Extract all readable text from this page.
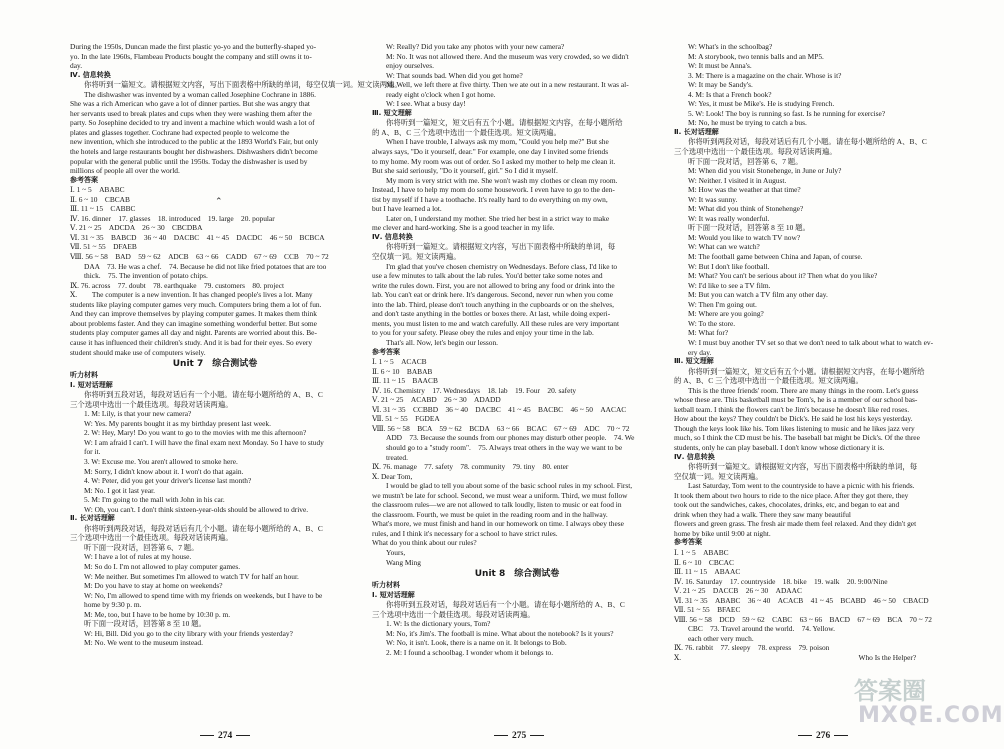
During the 1950s, Duncan made the first plastic yo-yo and the butterfly-shaped yo-

yo. In the late 1960s, Flambeau Products bought the company and still owns it to-

day.

Ⅳ. 信息转换

你将听到一篇短文。请根据短文内容，写出下面表格中所缺的单词，每空仅填一词。短文读两遍。

The dishwasher was invented by a woman called Josephine Cochrane in 1886.

She was a rich American who gave a lot of dinner parties. But she was angry that

her servants used to break plates and cups when they were washing them after the

party. So Josephine decided to try and invent a machine which would wash a lot of

plates and glasses together. Cochrane had expected people to welcome the

new invention, which she introduced to the public at the 1893 World's Fair, but only

the hotels and large restaurants bought her dishwashers. Dishwashers didn't become

popular with the general public until the 1950s. Today the dishwasher is used by

millions of people all over the world.

参考答案

Ⅰ. 1 ~ 5　ABABC

Ⅱ. 6 ~ 10　CBCAB

Ⅲ. 11 ~ 15　CABBC

Ⅳ. 16. dinner　17. glasses　18. introduced　19. large　20. popular

Ⅴ. 21 ~ 25　ADCDA　26 ~ 30　CBCDBA

Ⅵ. 31 ~ 35　BABCD　36 ~ 40　DACBC　41 ~ 45　DACDC　46 ~ 50　BCBCA

Ⅶ. 51 ~ 55　DFAEB

Ⅷ. 56 ~ 58　BAD　59 ~ 62　ADCB　63 ~ 66　CADD　67 ~ 69　CCB　70 ~ 72

DAA　73. He was a chef.　74. Because he did not like fried potatoes that are too

thick.　75. The invention of potato chips.

Ⅸ. 76. across　77. doubt　78. earthquake　79. customers　80. project

Ⅹ.　　The computer is a new invention. It has changed people's lives a lot. Many

students like playing computer games very much. Computers bring them a lot of fun.

And they can improve themselves by playing computer games. It makes them think

about problems faster. And they can imagine something wonderful better. But some

students play computer games all day and night. Parents are worried about this. Be-

cause it has influenced their children's study. And it is bad for their eyes. So every

student should make use of computers wisely.

Unit 7　综合测试卷

听力材料

Ⅰ. 短对话理解

你将听到五段对话，每段对话后有一个小题。请在每小题所给的 A、B、C

三个选项中选出一个最佳选项。每段对话读两遍。

1. M: Lily, is that your new camera?

W: Yes. My parents bought it as my birthday present last week.

2. W: Hey, Mary! Do you want to go to the movies with me this afternoon?

W: I am afraid I can't. I will have the final exam next Monday. So I have to study

for it.

3. W: Excuse me. You aren't allowed to smoke here.

M: Sorry, I didn't know about it. I won't do that again.

4. W: Peter, did you get your driver's license last month?

M: No. I got it last year.

5. M: I'm going to the mall with John in his car.

W: Oh, you can't. I don't think sixteen-year-olds should be allowed to drive.

Ⅱ. 长对话理解

你将听到两段对话，每段对话后有几个小题。请在每小题所给的 A、B、C

三个选项中选出一个最佳选项。每段对话读两遍。

听下面一段对话，回答第 6、7 题。

W: I have a lot of rules at my house.

M: So do I. I'm not allowed to play computer games.

W: Me neither. But sometimes I'm allowed to watch TV for half an hour.

M: Do you have to stay at home on weekends?

W: No, I'm allowed to spend time with my friends on weekends, but I have to be

home by 9:30 p. m.

M: Me, too, but I have to be home by 10:30 p. m.

听下面一段对话，回答第 8 至 10 题。

W: Hi, Bill. Did you go to the city library with your friends yesterday?

M: No. We went to the museum instead.

W: Really? Did you take any photos with your new camera?

M: No. It was not allowed there. And the museum was very crowded, so we didn't

enjoy ourselves.

W: That sounds bad. When did you get home?

M: Well, we left there at five thirty. Then we ate out in a new restaurant. It was al-

ready eight o'clock when I got home.

W: I see. What a busy day!

Ⅲ. 短文理解

你将听到一篇短文，短文后有五个小题。请根据短文内容，在每小题所给

的 A、B、C 三个选项中选出一个最佳选项。短文读两遍。

When I have trouble, I always ask my mom, "Could you help me?" But she

always says, "Do it yourself, dear." For example, one day I invited some friends

to my home. My room was out of order. So I asked my mother to help me clean it.

But she said seriously, "Do it yourself, girl." So I did it myself.

My mom is very strict with me. She won't wash my clothes or clean my room.

Instead, I have to help my mom do some housework. I even have to go to the den-

tist by myself if I have a toothache. It's really hard to do everything on my own,

but I have learned a lot.

Later on, I understand my mother. She tried her best in a strict way to make

me clever and hard-working. She is a good teacher in my life.

Ⅳ. 信息转换

你将听到一篇短文。请根据短文内容，写出下面表格中所缺的单词，每

空仅填一词。短文读两遍。

I'm glad that you've chosen chemistry on Wednesdays. Before class, I'd like to

use a few minutes to talk about the lab rules. You'd better take some notes and

write the rules down. First, you are not allowed to bring any food or drink into the

lab. You can't eat or drink here. It's dangerous. Second, never run when you come

into the lab. Third, please don't touch anything in the cupboards or on the shelves,

and don't taste anything in the bottles or boxes there. At last, while doing experi-

ments, you must listen to me and watch carefully. All these rules are very important

to you for your safety. Please obey the rules and enjoy your time in the lab.

That's all. Now, let's begin our lesson.

参考答案

Ⅰ. 1 ~ 5　ACACB

Ⅱ. 6 ~ 10　BABAB

Ⅲ. 11 ~ 15　BAACB

Ⅳ. 16. Chemistry　17. Wednesdays　18. lab　19. Four　20. safety

Ⅴ. 21 ~ 25　ACABD　26 ~ 30　ADADD

Ⅵ. 31 ~ 35　CCBBD　36 ~ 40　DACBC　41 ~ 45　BACBC　46 ~ 50　AACAC

Ⅶ. 51 ~ 55　FGDEA

Ⅷ. 56 ~ 58　BCA　59 ~ 62　BCDA　63 ~ 66　BCAC　67 ~ 69　ADC　70 ~ 72

ADD　73. Because the sounds from our phones may disturb other people.　74. We

should go to a "study room".　75. Always treat others in the way we want to be

treated.

Ⅸ. 76. manage　77. safety　78. community　79. tiny　80. enter

Ⅹ. Dear Tom,

I would be glad to tell you about some of the basic school rules in my school. First,

we mustn't be late for school. Second, we must wear a uniform. Third, we must follow

the classroom rules—we are not allowed to talk loudly, listen to music or eat food in

the classroom. Fourth, we must be quiet in the reading room and in the hallway.

What's more, we must finish and hand in our homework on time. I always obey these

rules, and I think it's necessary for a school to have strict rules.

What do you think about our rules?

Yours,

Wang Ming

Unit 8　综合测试卷

听力材料

Ⅰ. 短对话理解

你将听到五段对话，每段对话后有一个小题。请在每小题所给的 A、B、C

三个选项中选出一个最佳选项。每段对话读两遍。

1. W: Is the dictionary yours, Tom?

M: No, it's Jim's. The football is mine. What about the notebook? Is it yours?

W: No, it isn't. Look, there is a name on it. It belongs to Bob.

2. M: I found a schoolbag. I wonder whom it belongs to.

W: What's in the schoolbag?

M: A storybook, two tennis balls and an MP5.

W: It must be Anna's.

3. M: There is a magazine on the chair. Whose is it?

W: It may be Sandy's.

4. M: Is that a French book?

W: Yes, it must be Mike's. He is studying French.

5. W: Look! The boy is running so fast. Is he running for exercise?

M: No, he must be trying to catch a bus.

Ⅱ. 长对话理解

你将听到两段对话，每段对话后有几个小题。请在每小题所给的 A、B、C

三个选项中选出一个最佳选项。每段对话读两遍。

听下面一段对话，回答第 6、7 题。

M: When did you visit Stonehenge, in June or July?

W: Neither. I visited it in August.

M: How was the weather at that time?

W: It was sunny.

M: What did you think of Stonehenge?

W: It was really wonderful.

听下面一段对话，回答第 8 至 10 题。

M: Would you like to watch TV now?

W: What can we watch?

M: The football game between China and Japan, of course.

W: But I don't like football.

M: What? You can't be serious about it? Then what do you like?

W: I'd like to see a TV film.

M: But you can watch a TV film any other day.

W: Then I'm going out.

M: Where are you going?

W: To the store.

M: What for?

W: I must buy another TV set so that we don't need to talk about what to watch ev-

ery day.

Ⅲ. 短文理解

你将听到一篇短文，短文后有五个小题。请根据短文内容，在每小题所给

的 A、B、C 三个选项中选出一个最佳选项。短文读两遍。

This is the three friends' room. There are many things in the room. Let's guess

whose these are. This basketball must be Tom's, he is a member of our school bas-

ketball team. I think the flowers can't be Jim's because he doesn't like red roses.

How about the keys? They couldn't be Dick's. He said he lost his keys yesterday.

Though the keys look like his. Tom likes listening to music and he likes jazz very

much, so I think the CD must be his. The baseball bat might be Dick's. Of the three

students, only he can play baseball. I don't know whose dictionary it is.

Ⅳ. 信息转换

你将听到一篇短文。请根据短文内容，写出下面表格中所缺的单词，每

空仅填一词。短文读两遍。

Last Saturday, Tom went to the countryside to have a picnic with his friends.

It took them about two hours to ride to the nice place. After they got there, they

took out the sandwiches, cakes, chocolates, drinks, etc, and began to eat and

drink when they had a walk. There they saw many beautiful

flowers and green grass. The fresh air made them feel relaxed. And they didn't get

home by bike until 9:00 at night.

参考答案

Ⅰ. 1 ~ 5　ABABC

Ⅱ. 6 ~ 10　CBCAC

Ⅲ. 11 ~ 15　ABAAC

Ⅳ. 16. Saturday　17. countryside　18. bike　19. walk　20. 9:00/Nine

Ⅴ. 21 ~ 25　DACCB　26 ~ 30　ADAAC

Ⅵ. 31 ~ 35　ABABC　36 ~ 40　ACACB　41 ~ 45　BCABD　46 ~ 50　CBACD

Ⅶ. 51 ~ 55　BFAEC

Ⅷ. 56 ~ 58　DCD　59 ~ 62　CABC　63 ~ 66　BACD　67 ~ 69　BCA　70 ~ 72

CBC　73. Travel around the world.　74. Yellow.

each other very much.

Ⅸ. 76. rabbit　77. sleepy　78. express　79. poison

Ⅹ.　　　　　　　　　　　　　　　　　　　　　　　　Who Is the Helper?

⌃
274	275	276
答案圈
MXQE.COM
